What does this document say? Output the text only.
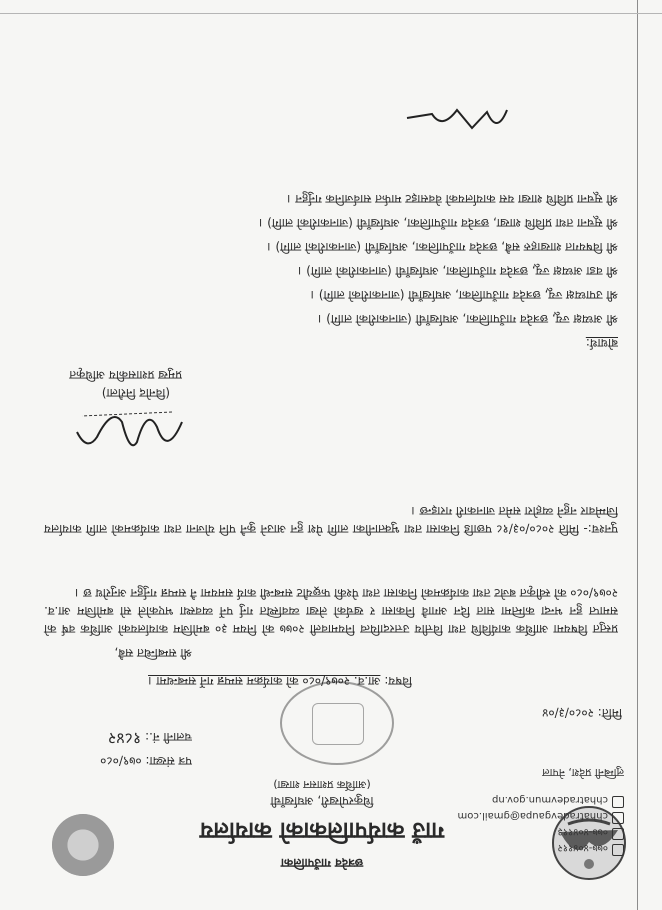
छत्रदेव गाउँपालिका
गाउँ कार्यपालिकाको कार्यालय
धिकुरपोखरी, अर्घाखाँची
(आर्थिक प्रशासन शाखा)
०७७-४०४११२
०७७-४०४११३
chhatradevgaupa@gmail.com
chhatradevmun.gov.np
लुम्बिनी प्रदेश, नेपाल
पत्र संख्या: ०७९/०८०
चलानी नं.: १८४२
मिति: २०८०/३/०४
विषय: आ.व. २०७९/०८० को कार्यक्रम सम्पन्न गर्ने सम्बन्धमा ।
श्री सम्बन्धित सबै,
प्रस्तुत विषयमा आर्थिक कार्यविधि तथा वित्तीय उत्तरदायित्व नियमावली २०७७ को नियम ३० बमोजिम कार्यालयको आर्थिक वर्ष को समाप्त हुन भन्दा कम्तिमा सात दिन अगावै निकासा र खर्चको लेखा व्यवस्थित गर्नु पर्ने व्यवस्था भएकोले सो बमोजिम आ.व. २०७९/०८० को स्वीकृत बजेट तथा कार्यक्रमको निकासा तथा पेश्की फछ्र्यौट सम्बन्धी कार्य समयमा नै सम्पन्न गर्नुहुन अनुरोध छ ।
पुनश्च:- मिति २०८०/०३/१८ पछाडि निकासा तथा भुक्तानीका लागि पेश हुन आउने कुनै पनि योजना तथा कार्यक्रमको लागि कार्यालय जिम्मेवार नहुने व्यहोरा समेत जानकारी गराइन्छ ।
(विनोद निरौला)
प्रमुख प्रशासकीय अधिकृत
बोधार्थ:
श्री अध्यक्ष ज्यू, छत्रदेव गाउँपालिका, अर्घाखाँची (जानकारीको लागि) ।
श्री उपाध्यक्ष ज्यू, छत्रदेव गाउँपालिका, अर्घाखाँची (जानकारीको लागि) ।
श्री वडा अध्यक्ष ज्यू, छत्रदेव गाउँपालिका, अर्घाखाँची (जानकारीको लागि) ।
श्री विषयगत शाखाहरु सबै, छत्रदेव गाउँपालिका, अर्घाखाँची (जानकारीको लागि) ।
श्री सूचना तथा प्रविधि शाखा, छत्रदेव गाउँपालिका, अर्घाखाँची (जानकारीको लागि) ।
श्री सूचना प्रविधि शाखा यस कार्यालयको वेवसाइट मार्फत सार्वजनिक गर्नुहुन ।
